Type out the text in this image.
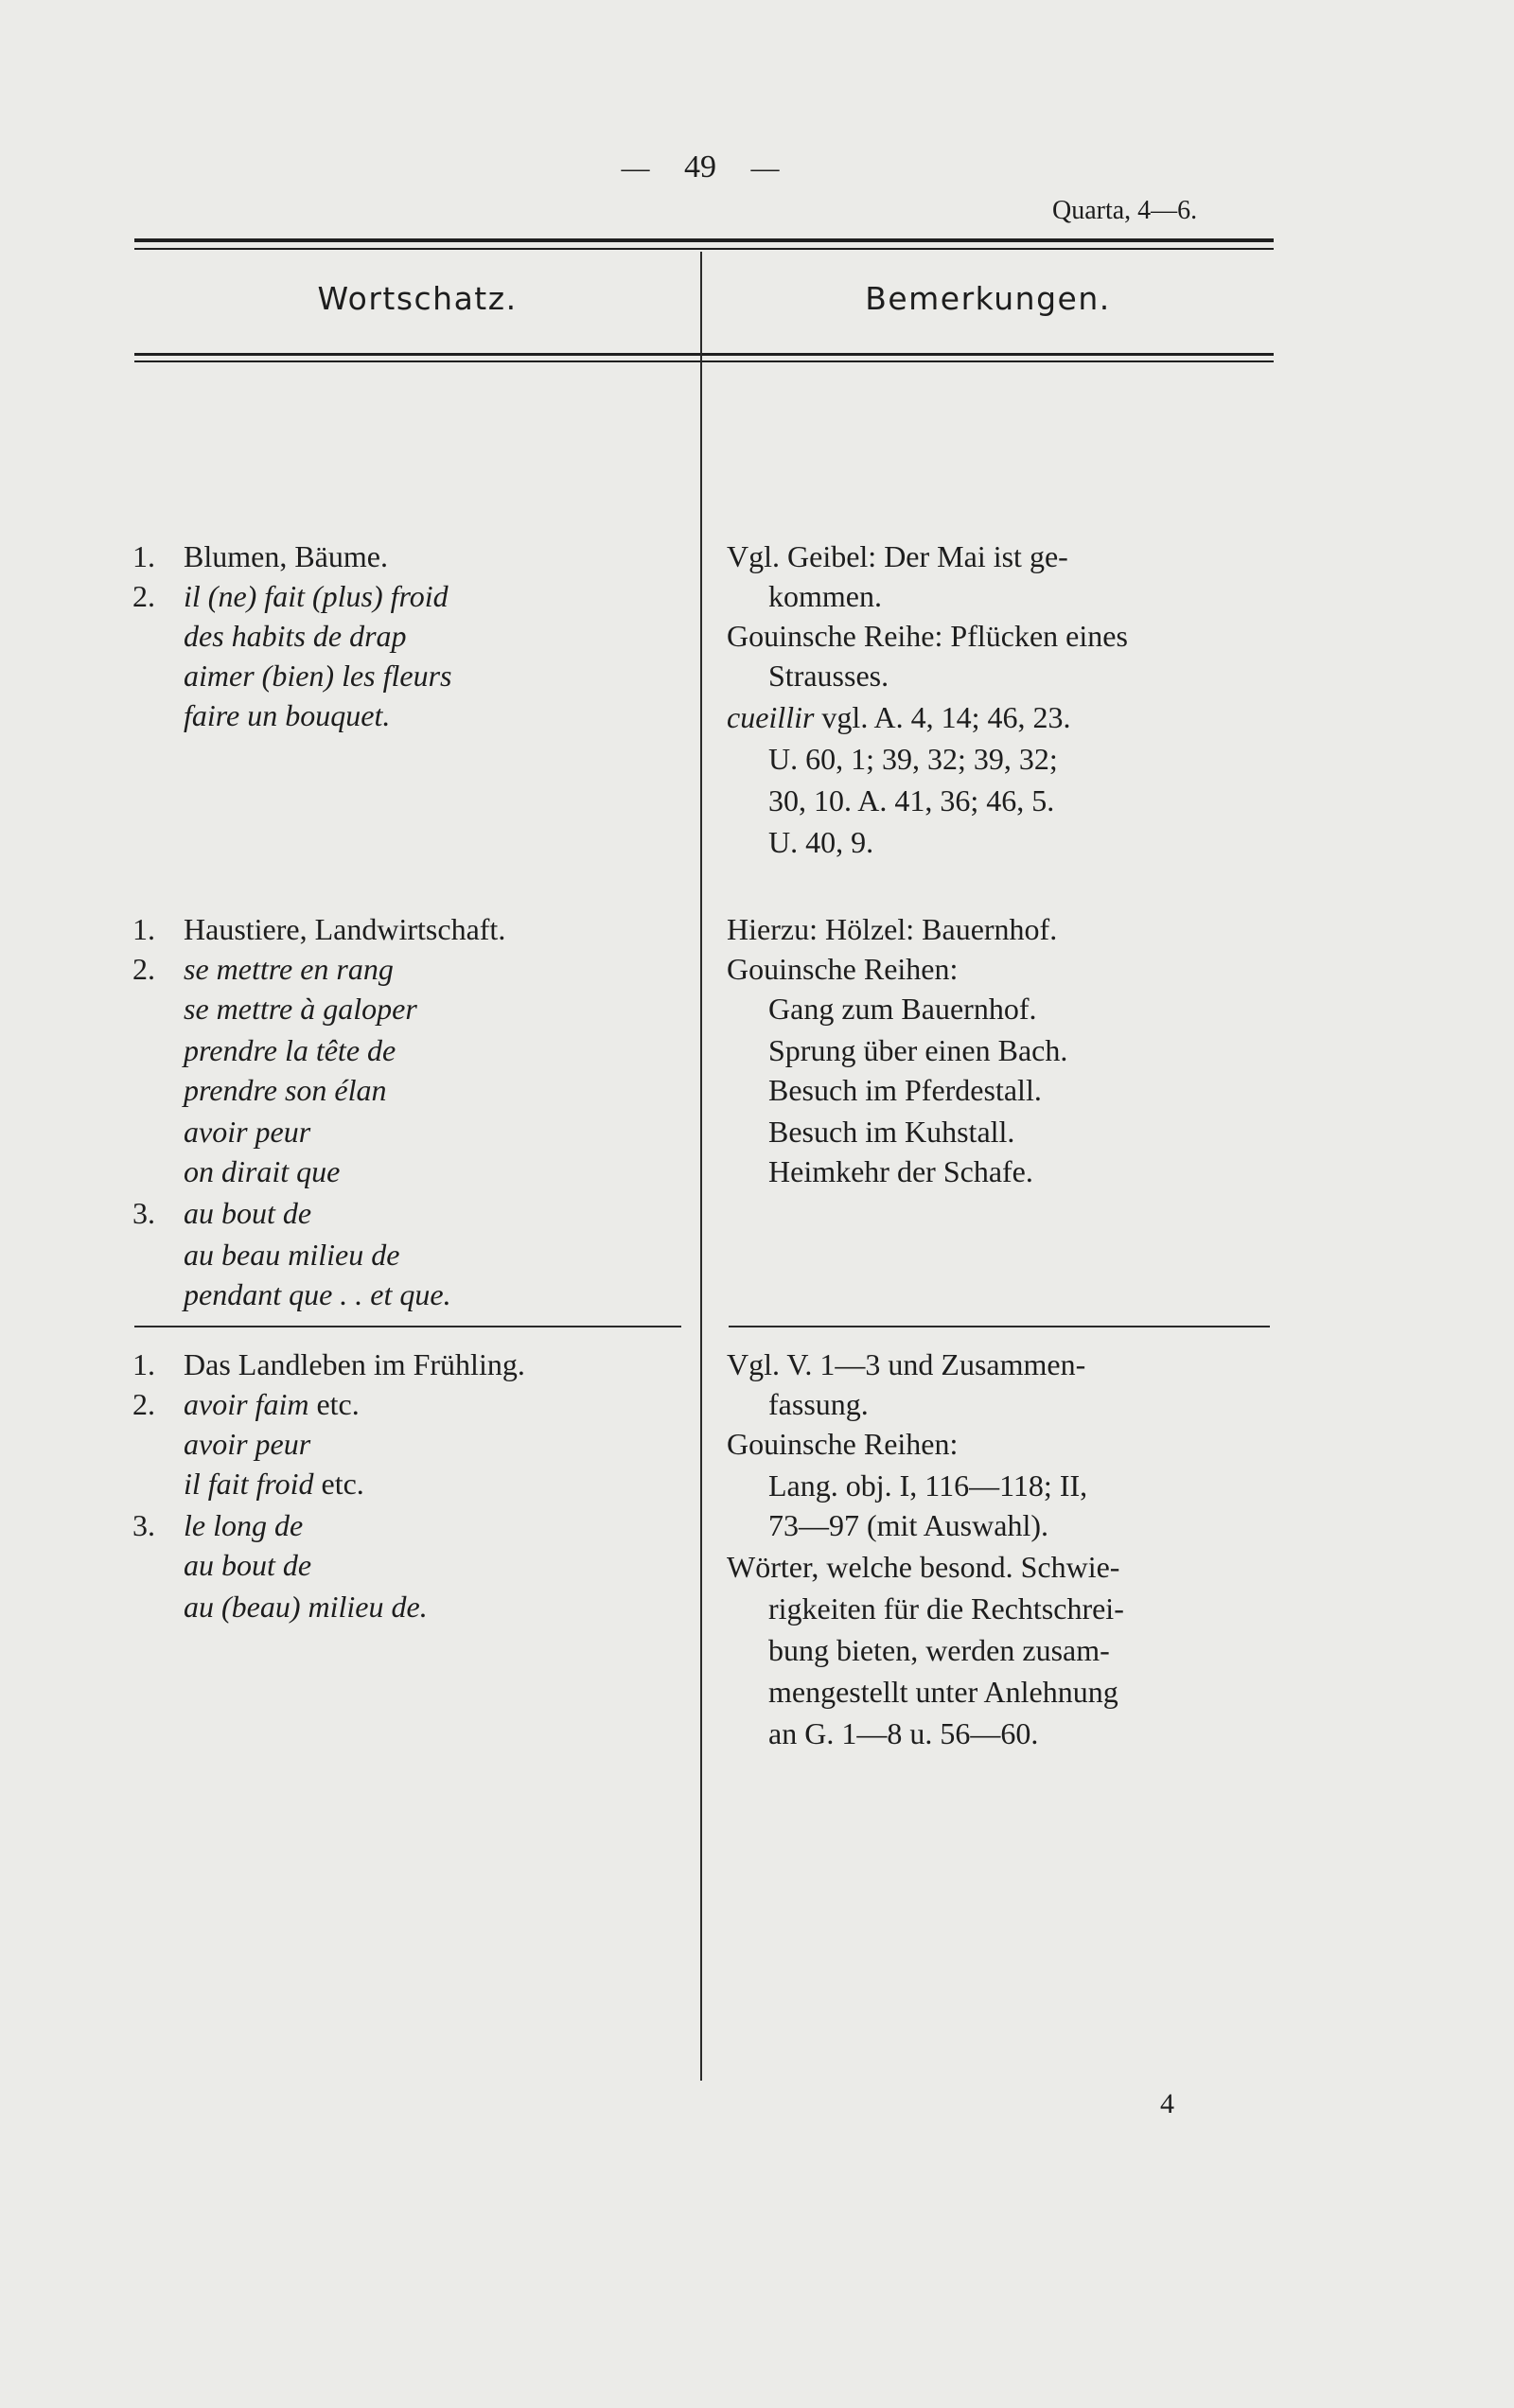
— 49 —
Quarta, 4—6.
Wortschatz.	Bemerkungen.
1. Blumen, Bäume.
2. il (ne) fait (plus) froid
des habits de drap
aimer (bien) les fleurs
faire un bouquet.
1. Haustiere, Landwirtschaft.
2. se mettre en rang
se mettre à galoper
prendre la tête de
prendre son élan
avoir peur
on dirait que
3. au bout de
au beau milieu de
pendant que . . et que.
1. Das Landleben im Frühling.
2. avoir faim etc.
avoir peur
il fait froid etc.
3. le long de
au bout de
au (beau) milieu de.
Vgl. Geibel: Der Mai ist ge-
kommen.
Gouinsche Reihe: Pflücken eines
Strausses.
cueillir vgl. A. 4, 14; 46, 23.
U. 60, 1; 39, 32; 39, 32;
30, 10. A. 41, 36; 46, 5.
U. 40, 9.
Hierzu: Hölzel: Bauernhof.
Gouinsche Reihen:
Gang zum Bauernhof.
Sprung über einen Bach.
Besuch im Pferdestall.
Besuch im Kuhstall.
Heimkehr der Schafe.
Vgl. V. 1—3 und Zusammen-
fassung.
Gouinsche Reihen:
Lang. obj. I, 116—118; II,
73—97 (mit Auswahl).
Wörter, welche besond. Schwie-
rigkeiten für die Rechtschrei-
bung bieten, werden zusam-
mengestellt unter Anlehnung
an G. 1—8 u. 56—60.
4
